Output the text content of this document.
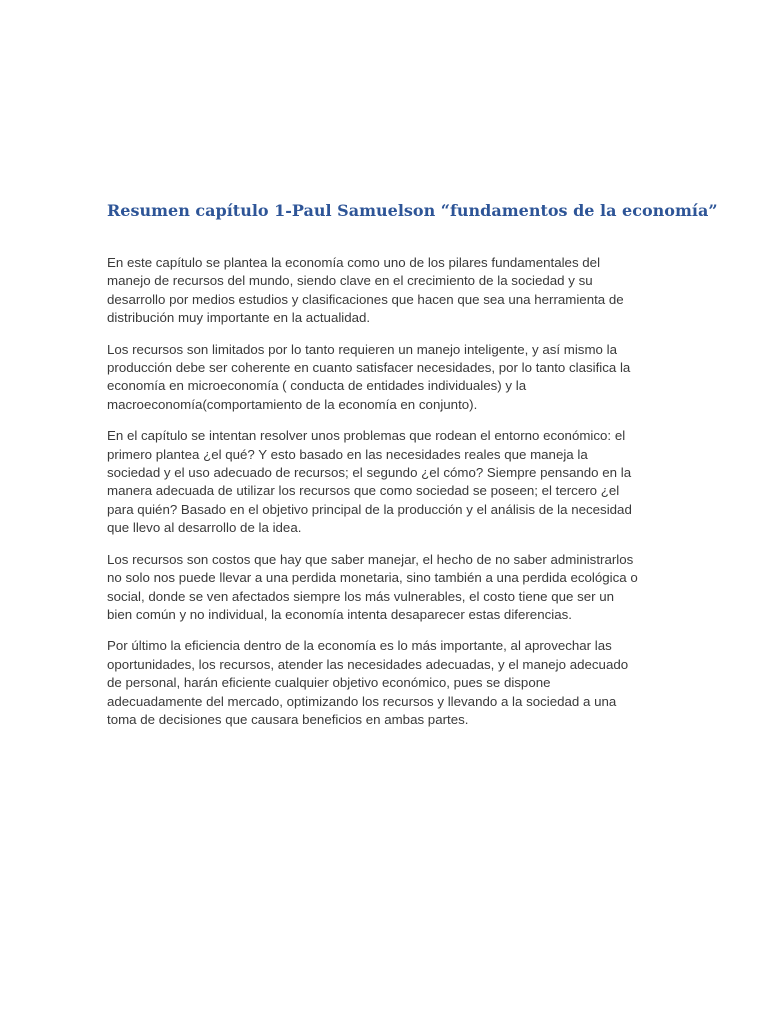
Resumen capítulo 1-Paul Samuelson “fundamentos de la economía”

En este capítulo se plantea la economía como uno de los pilares fundamentales del
manejo de recursos del mundo, siendo clave en el crecimiento de la sociedad y su
desarrollo por medios estudios y clasificaciones que hacen que sea una herramienta de
distribución muy importante en la actualidad.

Los recursos son limitados por lo tanto requieren un manejo inteligente, y así mismo la
producción debe ser coherente en cuanto satisfacer necesidades, por lo tanto clasifica la
economía en microeconomía ( conducta de entidades individuales) y la
macroeconomía(comportamiento de la economía en conjunto).

En el capítulo se intentan resolver unos problemas que rodean el entorno económico: el
primero plantea ¿el qué? Y esto basado en las necesidades reales que maneja la
sociedad y el uso adecuado de recursos; el segundo ¿el cómo? Siempre pensando en la
manera adecuada de utilizar los recursos que como sociedad se poseen; el tercero ¿el
para quién? Basado en el objetivo principal de la producción y el análisis de la necesidad
que llevo al desarrollo de la idea.

Los recursos son costos que hay que saber manejar, el hecho de no saber administrarlos
no solo nos puede llevar a una perdida monetaria, sino también a una perdida ecológica o
social, donde se ven afectados siempre los más vulnerables, el costo tiene que ser un
bien común y no individual, la economía intenta desaparecer estas diferencias.

Por último la eficiencia dentro de la economía es lo más importante, al aprovechar las
oportunidades, los recursos, atender las necesidades adecuadas, y el manejo adecuado
de personal, harán eficiente cualquier objetivo económico, pues se dispone
adecuadamente del mercado, optimizando los recursos y llevando a la sociedad a una
toma de decisiones que causara beneficios en ambas partes.
